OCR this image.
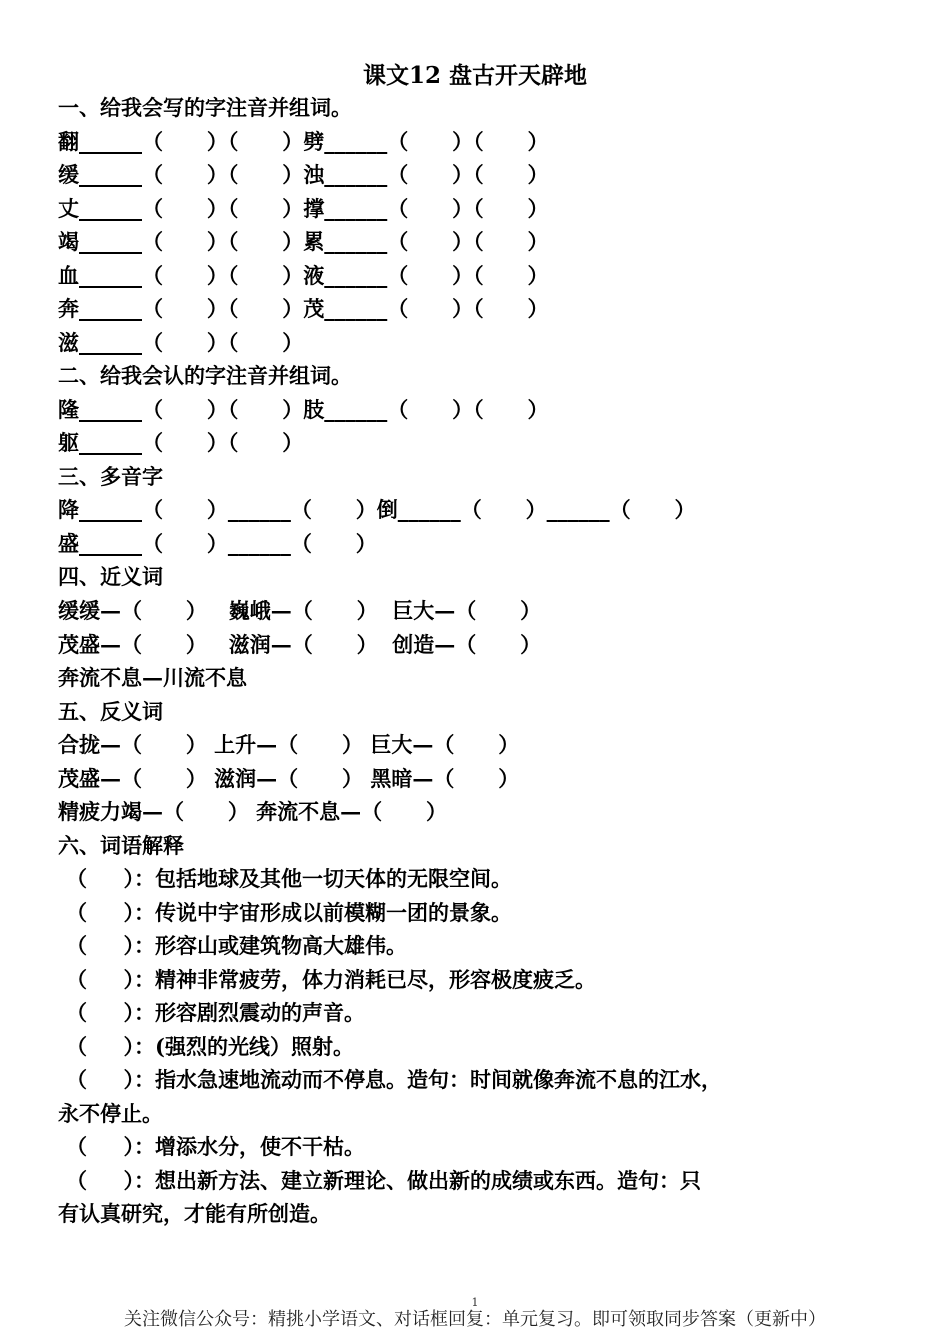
课文12 盘古开天辟地
一、给我会写的字注音并组词。
翻______（      ）（      ）劈______（      ）（      ）
缓______（      ）（      ）浊______（      ）（      ）
丈______（      ）（      ）撑______（      ）（      ）
竭______（      ）（      ）累______（      ）（      ）
血______（      ）（      ）液______（      ）（      ）
奔______（      ）（      ）茂______（      ）（      ）
滋______（      ）（      ）
二、给我会认的字注音并组词。
隆______（      ）（      ）肢______（      ）（      ）
躯______（      ）（      ）
三、多音字
降______（      ）______（      ）倒______（      ）______（      ）
盛______（      ）______（      ）
四、近义词
缓缓—（      ）   巍峨—（      ）  巨大—（      ）
茂盛—（      ）   滋润—（      ）  创造—（      ）
奔流不息—川流不息
五、反义词
合拢—（      ） 上升—（      ） 巨大—（      ）
茂盛—（      ） 滋润—（      ） 黑暗—（      ）
精疲力竭—（      ） 奔流不息—（      ）
六、词语解释
（     ）：包括地球及其他一切天体的无限空间。
（     ）：传说中宇宙形成以前模糊一团的景象。
（     ）：形容山或建筑物高大雄伟。
（     ）：精神非常疲劳，体力消耗已尽，形容极度疲乏。
（     ）：形容剧烈震动的声音。
（     ）：(强烈的光线）照射。
（     ）：指水急速地流动而不停息。造句：时间就像奔流不息的江水，
永不停止。
（     ）：增添水分，使不干枯。
（     ）：想出新方法、建立新理论、做出新的成绩或东西。造句：只
有认真研究，才能有所创造。
1
关注微信公众号：精挑小学语文、对话框回复：单元复习。即可领取同步答案（更新中）
